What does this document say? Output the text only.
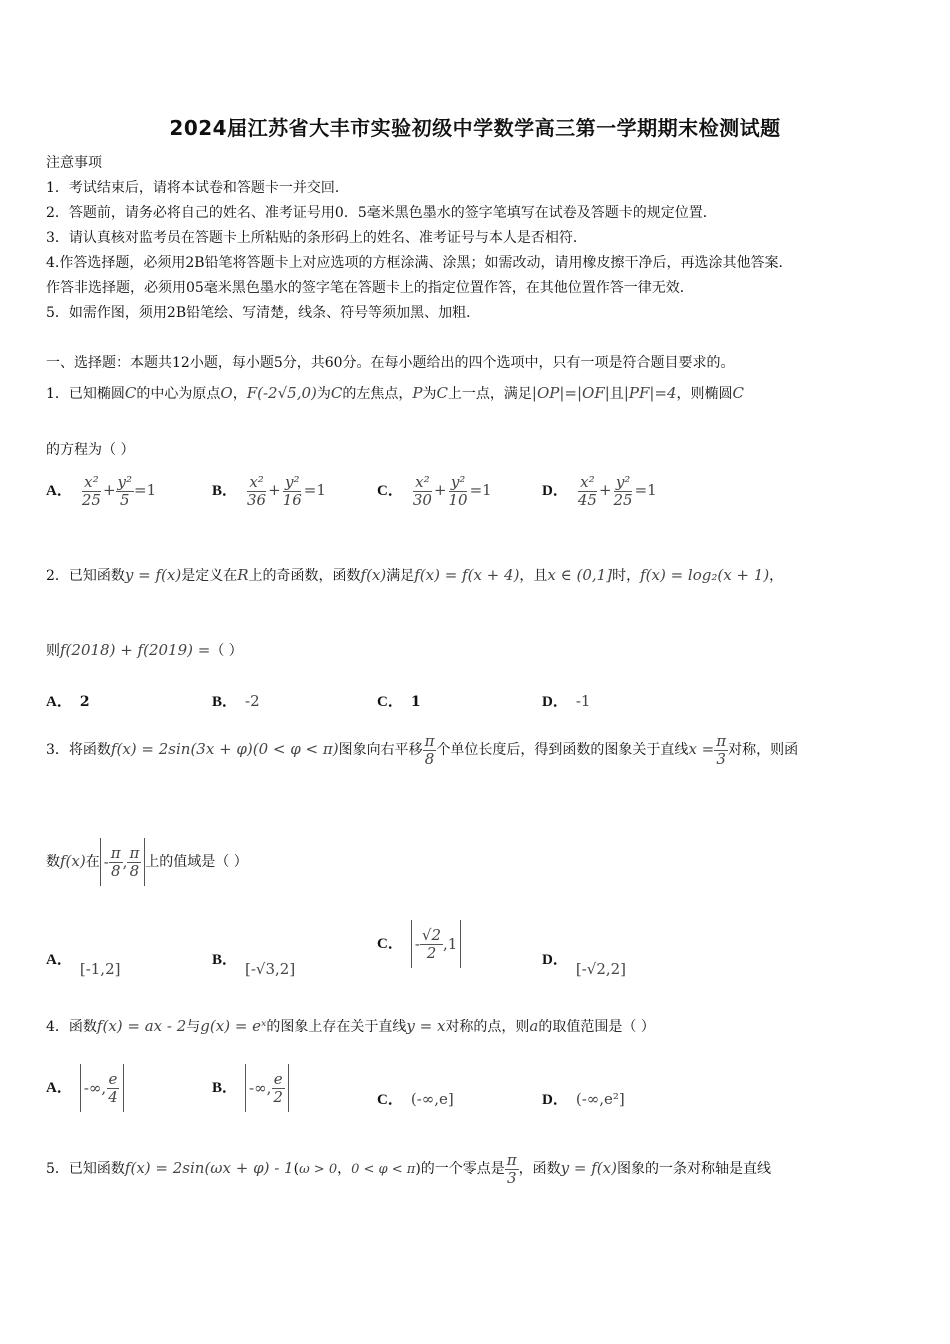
2024届江苏省大丰市实验初级中学数学高三第一学期期末检测试题
注意事项
1．考试结束后，请将本试卷和答题卡一并交回．
2．答题前，请务必将自己的姓名、准考证号用0．5毫米黑色墨水的签字笔填写在试卷及答题卡的规定位置．
3．请认真核对监考员在答题卡上所粘贴的条形码上的姓名、准考证号与本人是否相符．
4.作答选择题，必须用2B铅笔将答题卡上对应选项的方框涂满、涂黑；如需改动，请用橡皮擦干净后，再选涂其他答案．
作答非选择题，必须用05毫米黑色墨水的签字笔在答题卡上的指定位置作答，在其他位置作答一律无效．
5．如需作图，须用2B铅笔绘、写清楚，线条、符号等须加黑、加粗．
一、选择题：本题共12小题，每小题5分，共60分。在每小题给出的四个选项中，只有一项是符合题目要求的。
1．已知椭圆C的中心为原点O，F(-2√5,0)为C的左焦点，P为C上一点，满足|OP|=|OF|且|PF|=4，则椭圆C
的方程为（ ）
A． $\frac{\text{x²}}{25} + \frac{\text{y²}}{5} =1$	B． $\frac{\text{x²}}{36} + \frac{\text{y²}}{16} =1$	C． $\frac{\text{x²}}{30} + \frac{\text{y²}}{10} =1$	D． $\frac{\text{x²}}{45} + \frac{\text{y²}}{25} =1$
2．已知函数y = f(x)是定义在R上的奇函数，函数f(x)满足f(x) = f(x + 4)，且x ∈ (0,1]时，f(x) = log₂(x + 1)，
则f(2018) + f(2019) =（ ）
A． 2	B． -2	C． 1	D． -1
3．将函数f(x) = 2sin(3x + φ)(0 < φ < π)图象向右平移 $\frac{\pi}{8}$ 个单位长度后，得到函数的图象关于直线$x = \frac{\pi}{3}$ 对称，则函
数f(x)在 - $\frac{\pi}{8}$ , $\frac{\pi}{8}$ 上的值域是（ ）
A． [-1,2]	B． [-√3,2]
C． - $\frac{√2}{2} ,1$
D． [-√2,2]
4．函数f(x) = ax - 2与g(x) = eˣ的图象上存在关于直线y = x对称的点，则a的取值范围是（ ）
A． -∞, $\frac{e}{4}$	B． -∞, $\frac{e}{2}$	C． (-∞,e]	D． (-∞,e²]
5．已知函数f(x) = 2sin(ωx + φ) - 1(ω > 0，0 < φ < π)的一个零点是 $\frac{\pi}{3}$ ，函数y = f(x)图象的一条对称轴是直线
